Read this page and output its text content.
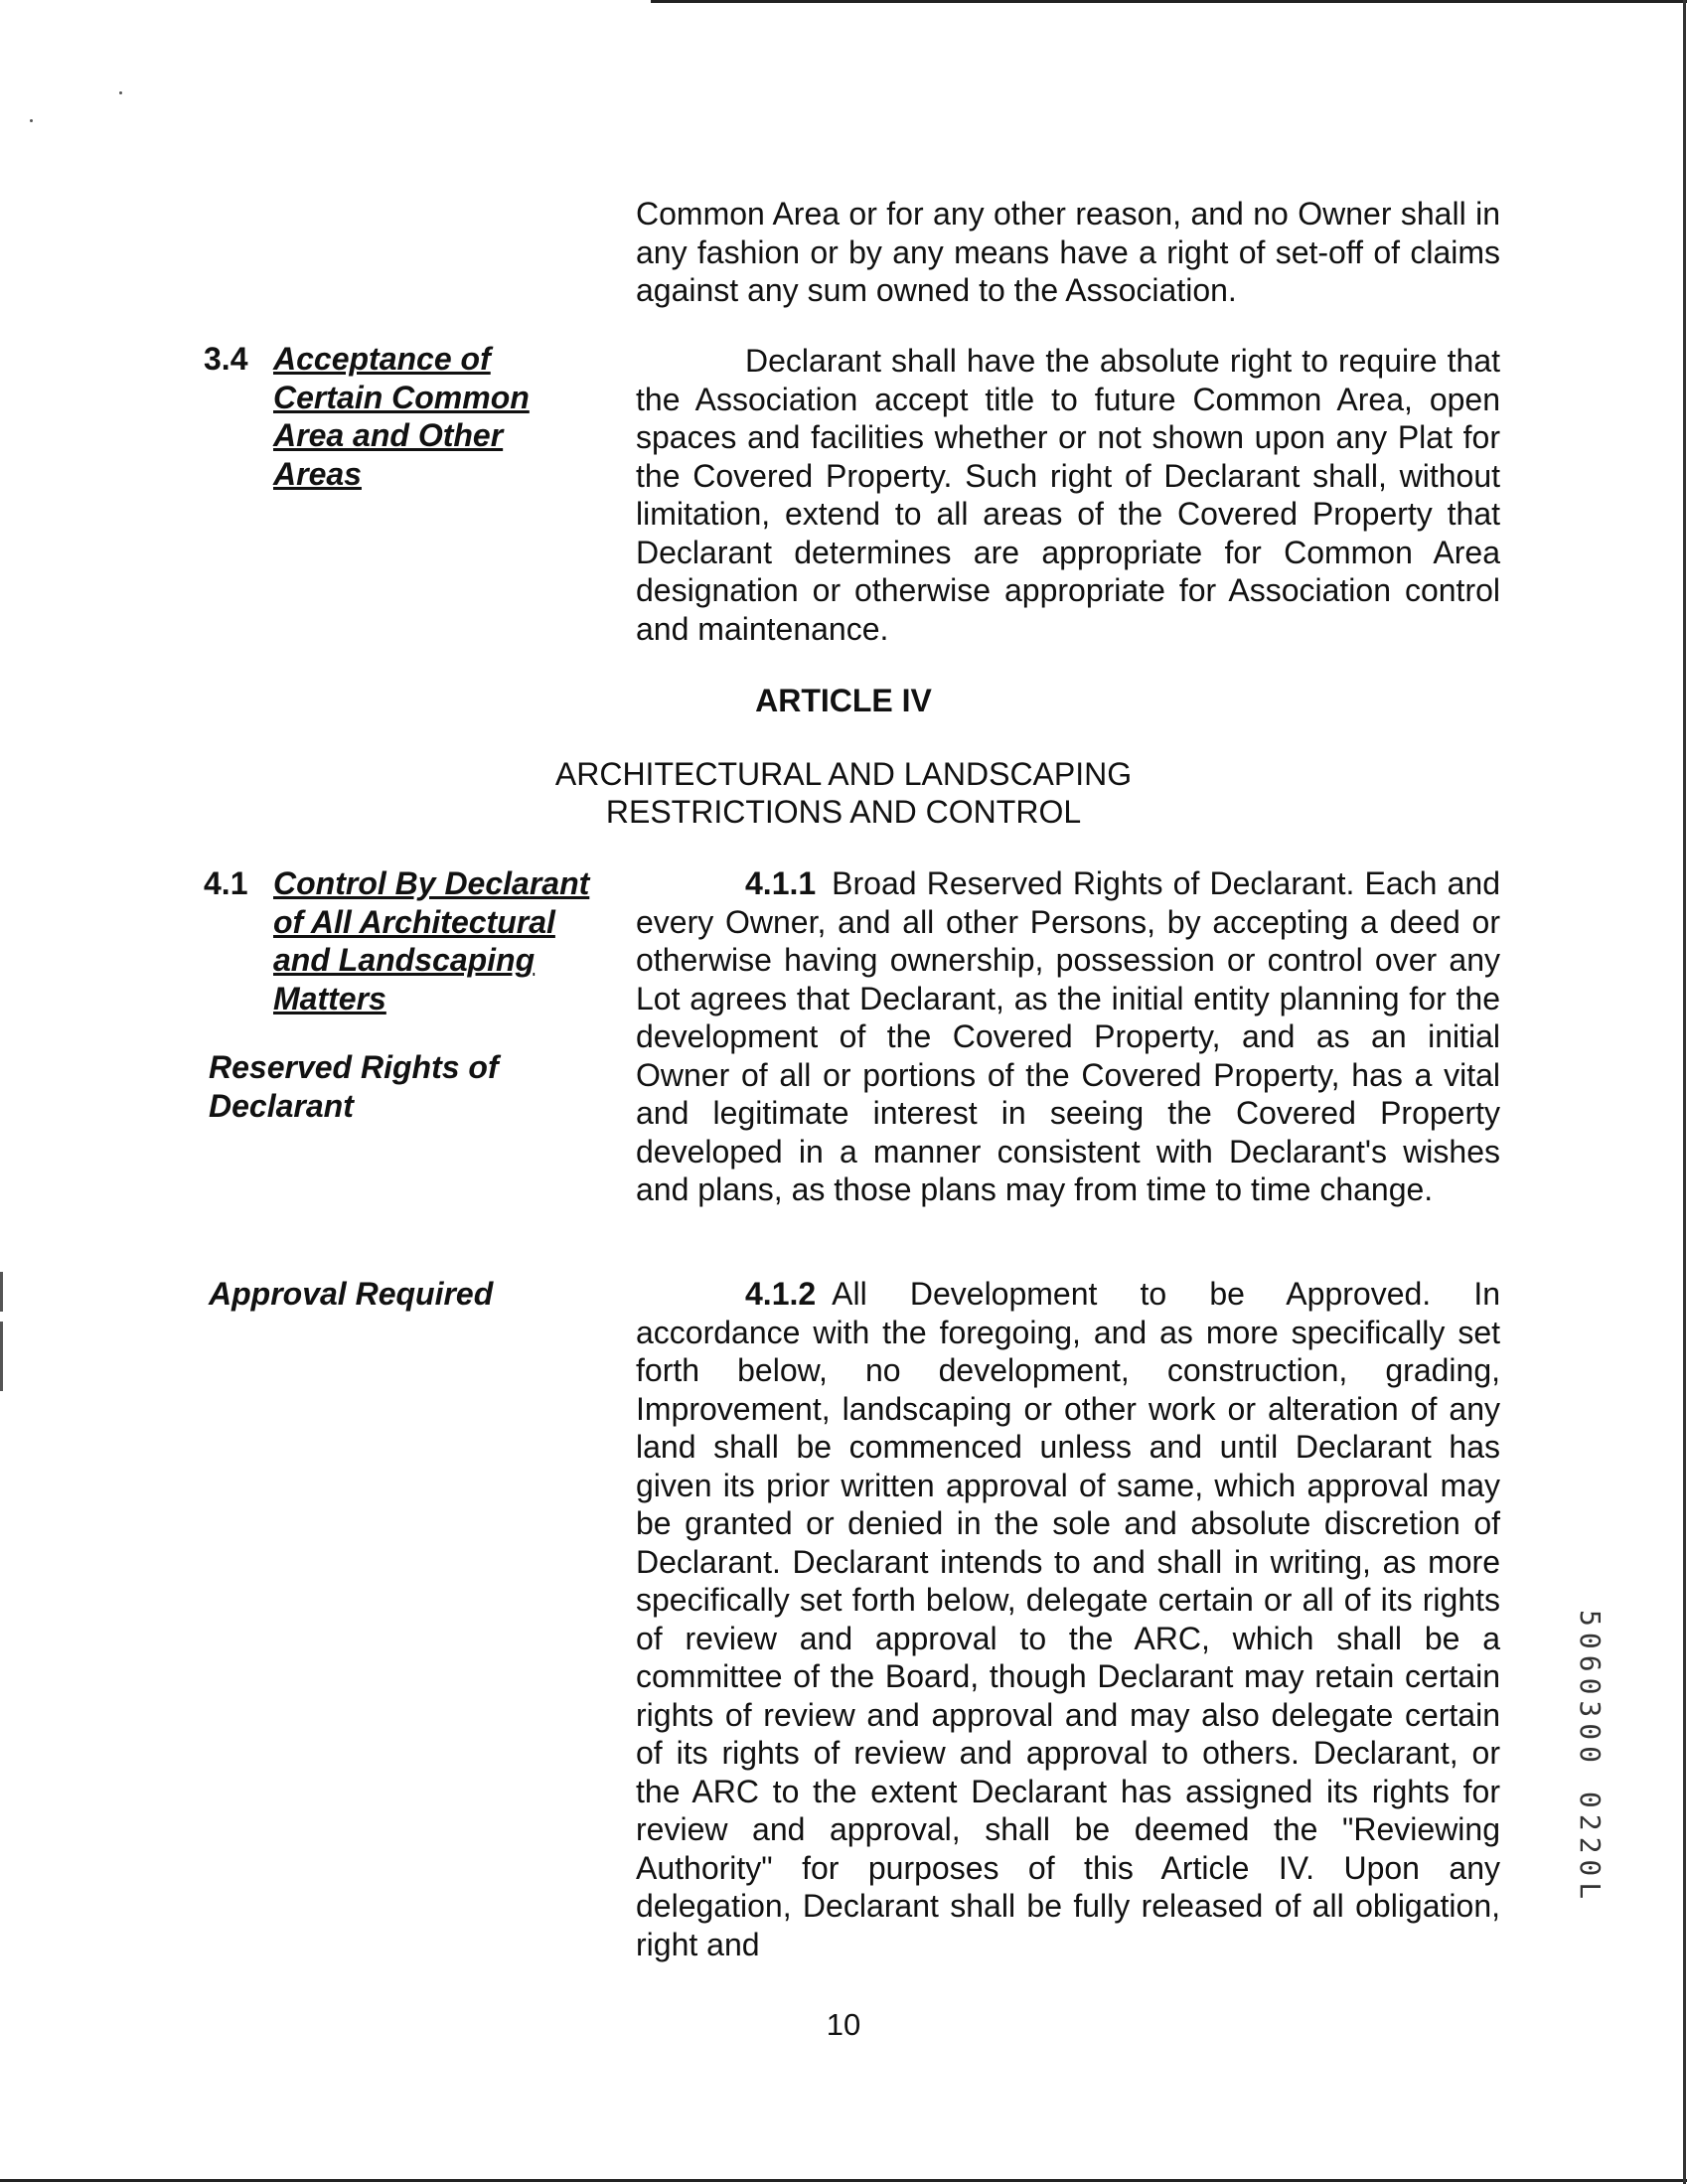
Common Area or for any other reason, and no Owner shall in any fashion or by any means have a right of set-off of claims against any sum owned to the Association.
3.4 Acceptance of
Certain Common
Area and Other
Areas
Declarant shall have the absolute right to require that the Association accept title to future Common Area, open spaces and facilities whether or not shown upon any Plat for the Covered Property. Such right of Declarant shall, without limitation, extend to all areas of the Covered Property that Declarant determines are appropriate for Common Area designation or otherwise appropriate for Association control and maintenance.
ARTICLE IV
ARCHITECTURAL AND LANDSCAPING
RESTRICTIONS AND CONTROL
4.1 Control By Declarant
of All Architectural
and Landscaping
Matters
Reserved Rights of
Declarant
4.1.1 Broad Reserved Rights of Declarant. Each and every Owner, and all other Persons, by accepting a deed or otherwise having ownership, possession or control over any Lot agrees that Declarant, as the initial entity planning for the development of the Covered Property, and as an initial Owner of all or portions of the Covered Property, has a vital and legitimate interest in seeing the Covered Property developed in a manner consistent with Declarant's wishes and plans, as those plans may from time to time change.
Approval Required	4.1.2 All Development to be Approved. In accordance with the foregoing, and as more specifically set forth below, no development, construction, grading, Improvement, landscaping or other work or alteration of any land shall be commenced unless and until Declarant has given its prior written approval of same, which approval may be granted or denied in the sole and absolute discretion of Declarant. Declarant intends to and shall in writing, as more specifically set forth below, delegate certain or all of its rights of review and approval to the ARC, which shall be a committee of the Board, though Declarant may retain certain rights of review and approval and may also delegate certain of its rights of review and approval to others. Declarant, or the ARC to the extent Declarant has assigned its rights for review and approval, shall be deemed the "Reviewing Authority" for purposes of this Article IV. Upon any delegation, Declarant shall be fully released of all obligation, right and
10
5060300 0220L
